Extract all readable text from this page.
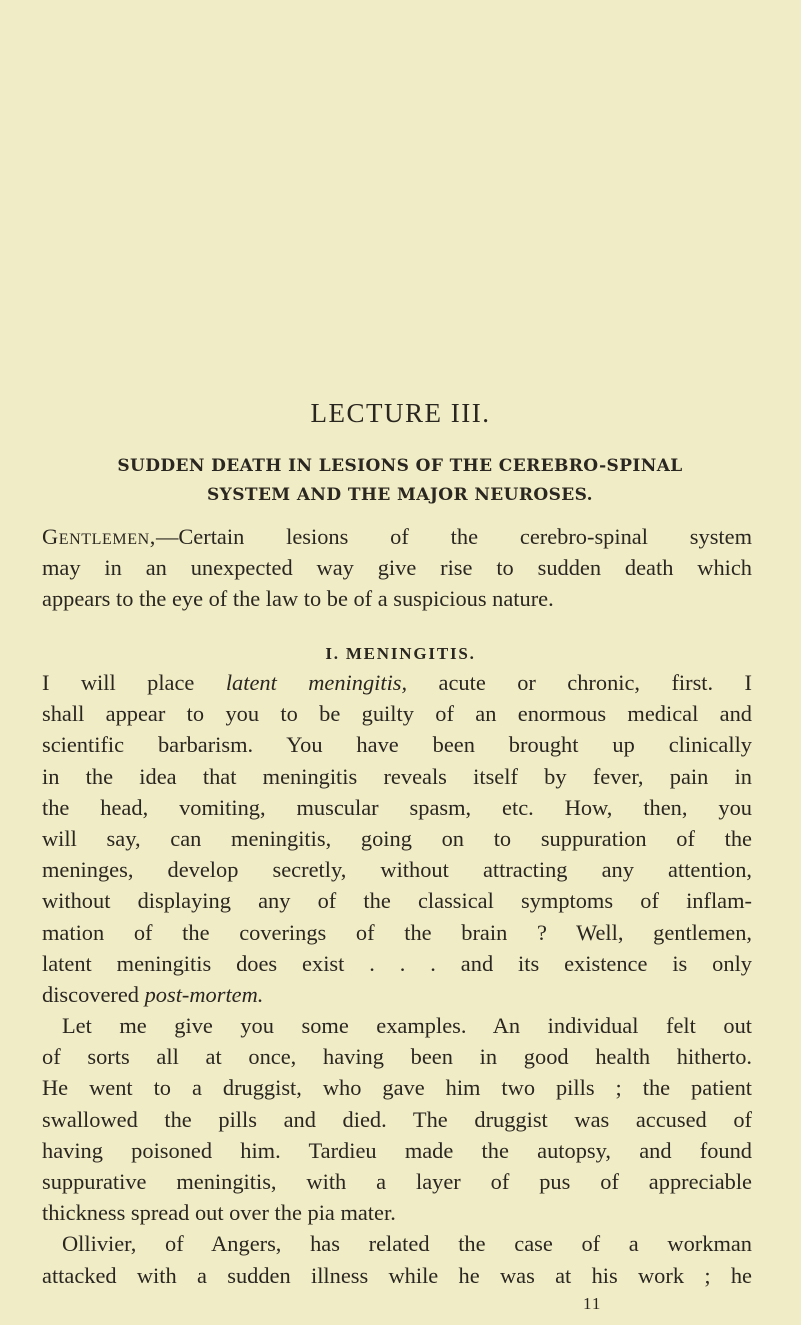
LECTURE III.
SUDDEN DEATH IN LESIONS OF THE CEREBRO-SPINAL
SYSTEM AND THE MAJOR NEUROSES.
Gentlemen,—Certain lesions of the cerebro-spinal system
may in an unexpected way give rise to sudden death which
appears to the eye of the law to be of a suspicious nature.
I. MENINGITIS.
I will place latent meningitis, acute or chronic, first. I
shall appear to you to be guilty of an enormous medical and
scientific barbarism. You have been brought up clinically
in the idea that meningitis reveals itself by fever, pain in
the head, vomiting, muscular spasm, etc. How, then, you
will say, can meningitis, going on to suppuration of the
meninges, develop secretly, without attracting any attention,
without displaying any of the classical symptoms of inflam-
mation of the coverings of the brain ? Well, gentlemen,
latent meningitis does exist . . . and its existence is only
discovered post-mortem.
Let me give you some examples. An individual felt out
of sorts all at once, having been in good health hitherto.
He went to a druggist, who gave him two pills ; the patient
swallowed the pills and died. The druggist was accused of
having poisoned him. Tardieu made the autopsy, and found
suppurative meningitis, with a layer of pus of appreciable
thickness spread out over the pia mater.
Ollivier, of Angers, has related the case of a workman
attacked with a sudden illness while he was at his work ; he
11
